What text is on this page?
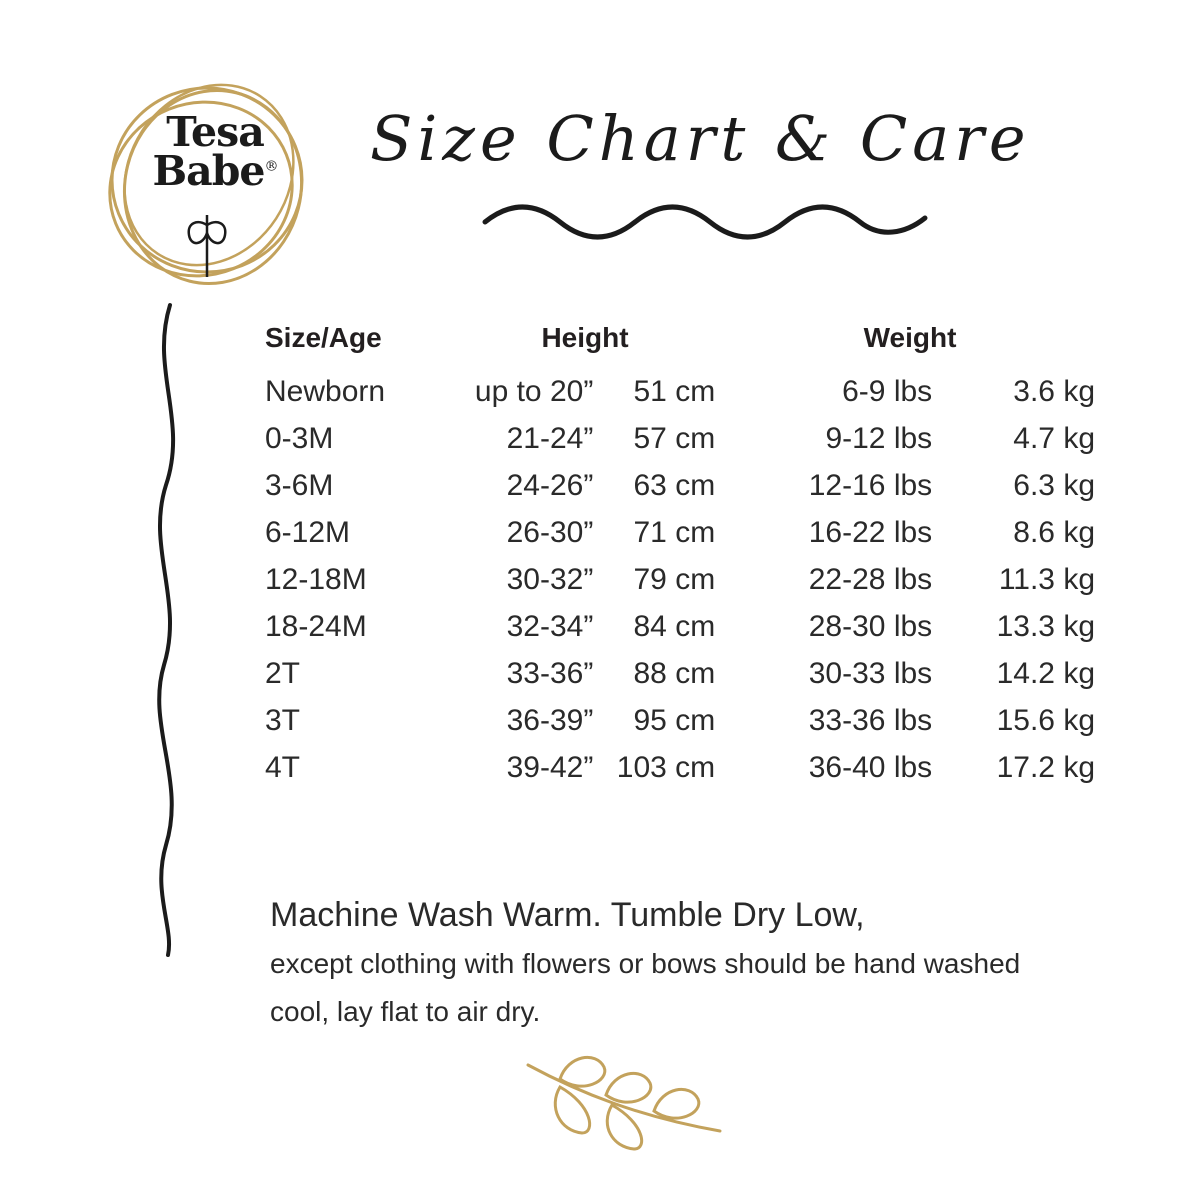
Tesa
Babe® Size Chart & Care
Size/Age	Height	Weight
Newborn	up to 20”	51 cm	6-9 lbs	3.6 kg
0-3M	21-24”	57 cm	9-12 lbs	4.7 kg
3-6M	24-26”	63 cm	12-16 lbs	6.3 kg
6-12M	26-30”	71 cm	16-22 lbs	8.6 kg
12-18M	30-32”	79 cm	22-28 lbs	11.3 kg
18-24M	32-34”	84 cm	28-30 lbs	13.3 kg
2T	33-36”	88 cm	30-33 lbs	14.2 kg
3T	36-39”	95 cm	33-36 lbs	15.6 kg
4T	39-42” 103 cm	36-40 lbs	17.2 kg
Machine Wash Warm. Tumble Dry Low,
except clothing with flowers or bows should be hand washed
cool, lay flat to air dry.
